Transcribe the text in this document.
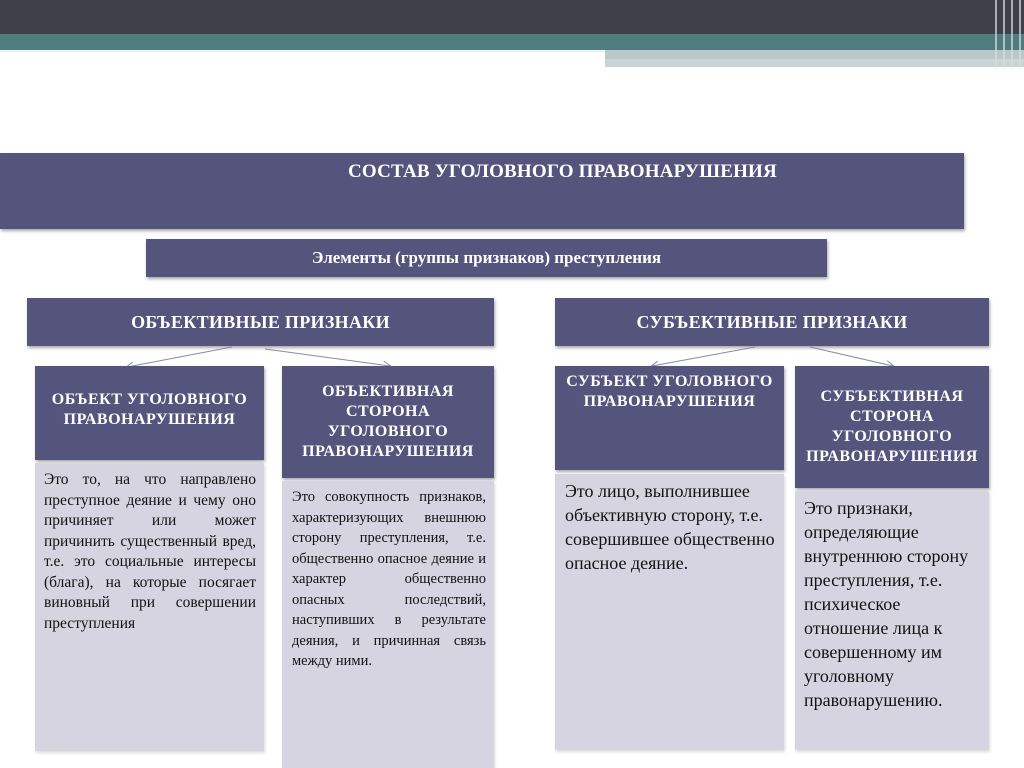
СОСТАВ УГОЛОВНОГО ПРАВОНАРУШЕНИЯ
Элементы (группы признаков) преступления
ОБЪЕКТИВНЫЕ ПРИЗНАКИ	СУБЪЕКТИВНЫЕ ПРИЗНАКИ
ОБЪЕКТ УГОЛОВНОГО ПРАВОНАРУШЕНИЯ
Это то, на что направлено преступное деяние и чему оно причиняет или может причинить существенный вред, т.е. это социальные интересы (блага), на которые посягает виновный при совершении преступления
ОБЪЕКТИВНАЯ СТОРОНА УГОЛОВНОГО ПРАВОНАРУШЕНИЯ
Это совокупность признаков, характеризующих внешнюю сторону преступления, т.е. общественно опасное деяние и характер общественно опасных последствий, наступивших в результате деяния, и причинная связь между ними.
СУБЪЕКТ УГОЛОВНОГО ПРАВОНАРУШЕНИЯ
Это лицо, выполнившее объективную сторону, т.е. совершившее общественно опасное деяние.
СУБЪЕКТИВНАЯ СТОРОНА УГОЛОВНОГО ПРАВОНАРУШЕНИЯ
Это признаки, определяющие внутреннюю сторону преступления, т.е. психическое отношение лица к совершенному им уголовному правонарушению.
